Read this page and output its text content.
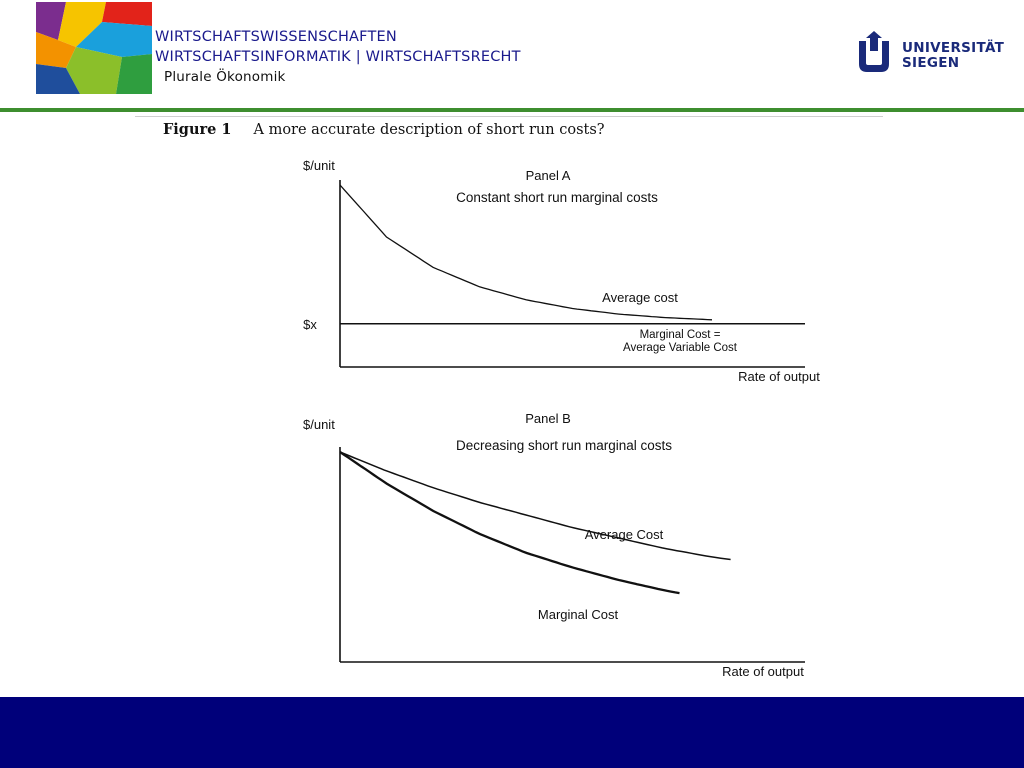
WIRTSCHAFTSWISSENSCHAFTEN
WIRTSCHAFTSINFORMATIK | WIRTSCHAFTSRECHT
Plurale Ökonomik
UNIVERSITÄT
SIEGEN
Figure 1 A more accurate description of short run costs?
$/unit
Panel A
Constant short run marginal costs
Rate of output
$x
Average cost
Marginal Cost =
Average Variable Cost
$/unit	Panel B
Decreasing short run marginal costs
Rate of output
Average Cost
Marginal Cost
